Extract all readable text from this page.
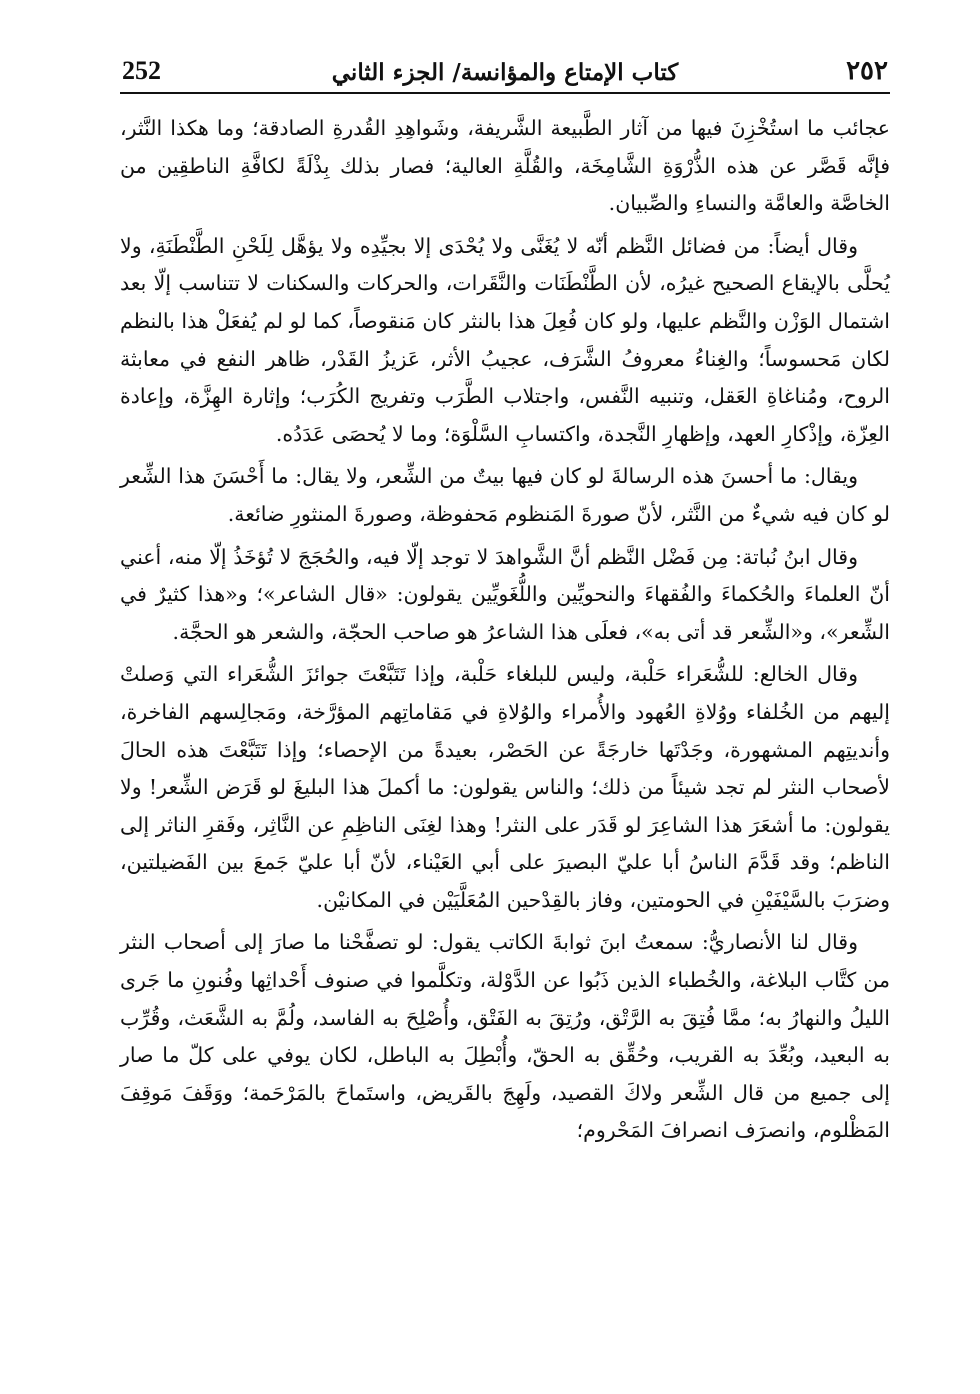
252	كتاب الإمتاع والمؤانسة/ الجزء الثاني	٢٥٢

عجائب ما استُخْزِنَ فيها من آثار الطَّبيعة الشَّريفة، وشَواهِدِ القُدرةِ الصادقة؛ وما هكذا النَّثر، فإنَّه قَصَّر عن هذه الذُّرْوَةِ الشَّامِخَة، والقُلَّةِ العالية؛ فصار بذلك بِذْلَةً لكافَّةِ الناطقِين من الخاصَّة والعامَّة والنساءِ والصِّبيان.

وقال أيضاً: من فضائل النَّظم أنّه لا يُغَنَّى ولا يُحْدَى إلا بجيِّدِه ولا يؤهَّل لِلَحْنِ الطَّنْطَنَةِ، ولا يُحلَّى بالإيقاع الصحيح غيرُه، لأن الطَّنْطَنَات والنَّقَرات، والحركات والسكنات لا تتناسب إلّا بعد اشتمال الوَزْن والنَّظم عليها، ولو كان فُعِلَ هذا بالنثر كان مَنقوصاً، كما لو لم يُفعَلْ هذا بالنظم لكان مَحسوساً؛ والغِناءُ معروفُ الشَّرَف، عجيبُ الأثر، عَزيزُ القَدْر، ظاهر النفع في معابثة الروح، ومُناغاةِ العَقل، وتنبيه النَّفس، واجتلاب الطَّرَب وتفريج الكُرَب؛ وإثارة الهِزَّة، وإعادة العِزّة، وإذْكارِ العهد، وإظهارِ النَّجدة، واكتسابِ السَّلْوَة؛ وما لا يُحصَى عَدَدُه.

ويقال: ما أحسنَ هذه الرسالةَ لو كان فيها بيتٌ من الشِّعر، ولا يقال: ما أَحْسَنَ هذا الشِّعر لو كان فيه شيءٌ من النَّثر، لأنّ صورةَ المَنظوم مَحفوظة، وصورةَ المنثورِ ضائعة.

وقال ابنُ نُباتة: مِن فَضْل النَّظم أنَّ الشَّواهدَ لا توجد إلّا فيه، والحُجَجَ لا تُؤخَذُ إلّا منه، أعني أنّ العلماءَ والحُكماءَ والفُقهاءَ والنحويِّين واللُّغَويِّين يقولون: «قال الشاعر»؛ و«هذا كثيرٌ في الشِّعر»، و«الشِّعر قد أتى به»، فعلَى هذا الشاعرُ هو صاحب الحجّة، والشعر هو الحجَّة.

وقال الخالع: للشُّعَراء حَلْبة، وليس للبلغاء حَلْبة، وإذا تَتَبَّعْتَ جوائزَ الشُّعَراء التي وَصلتْ إليهم من الخُلفاء ووُلاةِ العُهود والأُمراء والوُلاةِ في مَقاماتِهم المؤرَّخة، ومَجالِسهم الفاخرة، وأنديتِهم المشهورة، وجَدْتَها خارجَةً عن الحَصْر، بعيدةً من الإحصاء؛ وإذا تَتَبَّعْتَ هذه الحالَ لأصحاب النثر لم تجد شيئاً من ذلك؛ والناس يقولون: ما أكملَ هذا البليغَ لو قَرَض الشِّعر! ولا يقولون: ما أشعَرَ هذا الشاعِرَ لو قَدَر على النثر! وهذا لغِنَى الناظِمِ عن النَّاثِر، وفَقرِ الناثر إلى الناظم؛ وقد قَدَّمَ الناسُ أبا عليّ البصيرَ على أبي العَيْناء، لأنّ أبا عليّ جَمعَ بين الفَضيلتين، وضرَبَ بالسَّيْفَيْنِ في الحومتين، وفاز بالقِدْحين المُعَلَّيَيْن في المكانيْن.

وقال لنا الأنصاريُّ: سمعتُ ابنَ ثوابةَ الكاتب يقول: لو تصفَّحْنا ما صارَ إلى أصحاب النثر من كتَّاب البلاغة، والخُطباء الذين ذَبُوا عن الدَّوْلة، وتكلَّموا في صنوف أَحْداثِها وفُنونِ ما جَرى الليلُ والنهارُ به؛ ممَّا فُتِقَ به الرَّتْق، ورُتِقَ به الفَتْق، وأُصْلِحَ به الفاسد، ولُمَّ به الشَّعَث، وقُرِّب به البعيد، وبُعِّدَ به القريب، وحُقِّق به الحقّ، وأُبْطِلَ به الباطل، لكان يوفي على كلّ ما صار إلى جميع من قال الشِّعر ولاكَ القصيد، ولَهِجَ بالقَريض، واستَماحَ بالمَرْحَمة؛ ووَقَفَ مَوقِفَ المَظْلوم، وانصرَف انصرافَ المَحْروم؛
